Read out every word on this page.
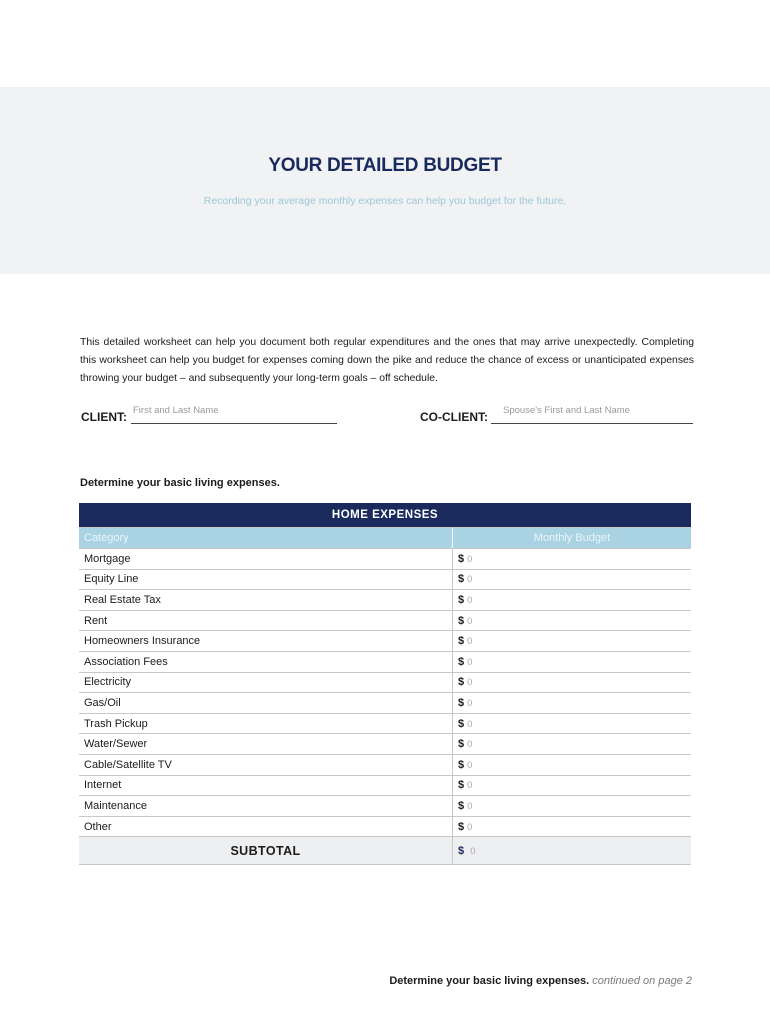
YOUR DETAILED BUDGET
Recording your average monthly expenses can help you budget for the future.
This detailed worksheet can help you document both regular expenditures and the ones that may arrive unexpectedly. Completing this worksheet can help you budget for expenses coming down the pike and reduce the chance of excess or unanticipated expenses throwing your budget – and subsequently your long-term goals – off schedule.
CLIENT:
First and Last Name	CO-CLIENT:
Spouse's First and Last Name
Determine your basic living expenses.
HOME EXPENSES	
Category	Monthly Budget
Mortgage	$0
Equity Line	$0
Real Estate Tax	$0
Rent	$0
Homeowners Insurance	$0
Association Fees	$0
Electricity	$0
Gas/Oil	$0
Trash Pickup	$0
Water/Sewer	$0
Cable/Satellite TV	$0
Internet	$0
Maintenance	$0
Other	$0
SUBTOTAL	$ 0
Determine your basic living expenses. continued on page 2
